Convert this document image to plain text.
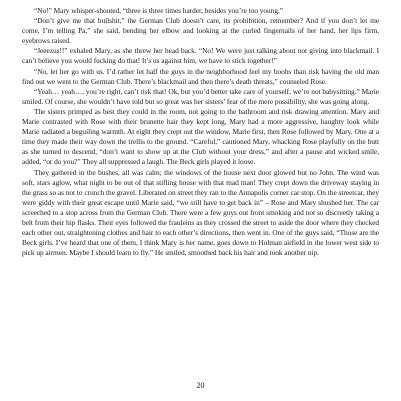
“No!” Mary whisper-shouted, “three is three times harder, besides you’re too young.”

“Don’t give me that bullshit,” the German Club doesn’t care, its prohibition, remember? And if you don’t let me come, I’m telling Pa,” she said, bending her elbow and looking at the curled fingernails of her hand, her lips firm, eyebrows raised.

“Jeeezus!!” exhaled Mary, as she threw her head back. “No! We were just talking about not giving into blackmail. I can’t believe you would fucking do that! It’s us against him, we have to stick together!”

“No, let her go with us. I’d rather let half the guys in the neighborhood feel my boobs than risk having the old man find out we went to the German Club. There’s blackmail and then there’s death threats,” counseled Rose.

“Yeah… yeah…, you’re right, can’t risk that! Ok, but you’d better take care of yourself, we’re not babysitting.” Marie smiled. Of course, she wouldn’t have told but so great was her sisters’ fear of the mere possibility, she was going along.

The sisters primped as best they could in the room, not going to the bathroom and risk drawing attention. Mary and Marie contrasted with Rose with their brunette hair they kept long, Mary had a more aggressive, haughty look while Marie radiated a beguiling warmth. At eight they crept out the window, Marie first, then Rose followed by Mary. One at a time they made their way down the trellis to the ground. “Careful,” cautioned Mary, whacking Rose playfully on the butt as she turned to descend, “don’t want to show up at the Club without your dress,” and after a pause and wicked smile, added, “or do you?” They all suppressed a laugh. The Beck girls played it loose.

They gathered in the bushes, all was calm; the windows of the house next door glowed but no John. The wind was soft, stars aglow, what night to be out of that stifling house with that mad man! They crept down the driveway staying in the grass so as not to crunch the gravel. Liberated on street they ran to the Annapolis corner car stop. On the streetcar, they were giddy with their great escape until Marie said, “we still have to get back in” – Rose and Mary shushed her. The car screeched to a stop across from the German Club. There were a few guys out front smoking and not so discreetly taking a belt from their hip flasks. Their eyes followed the frauleins as they crossed the street to aside the door where they checked each other out, straightening clothes and hair to each other’s directions, then went in. One of the guys said, “Those are the Beck girls. I’ve heard that one of them, I think Mary is her name, goes down to Holman airfield in the lower west side to pick up airmen. Maybe I should learn to fly.” He smiled, smoothed back his hair and took another nip.

20
